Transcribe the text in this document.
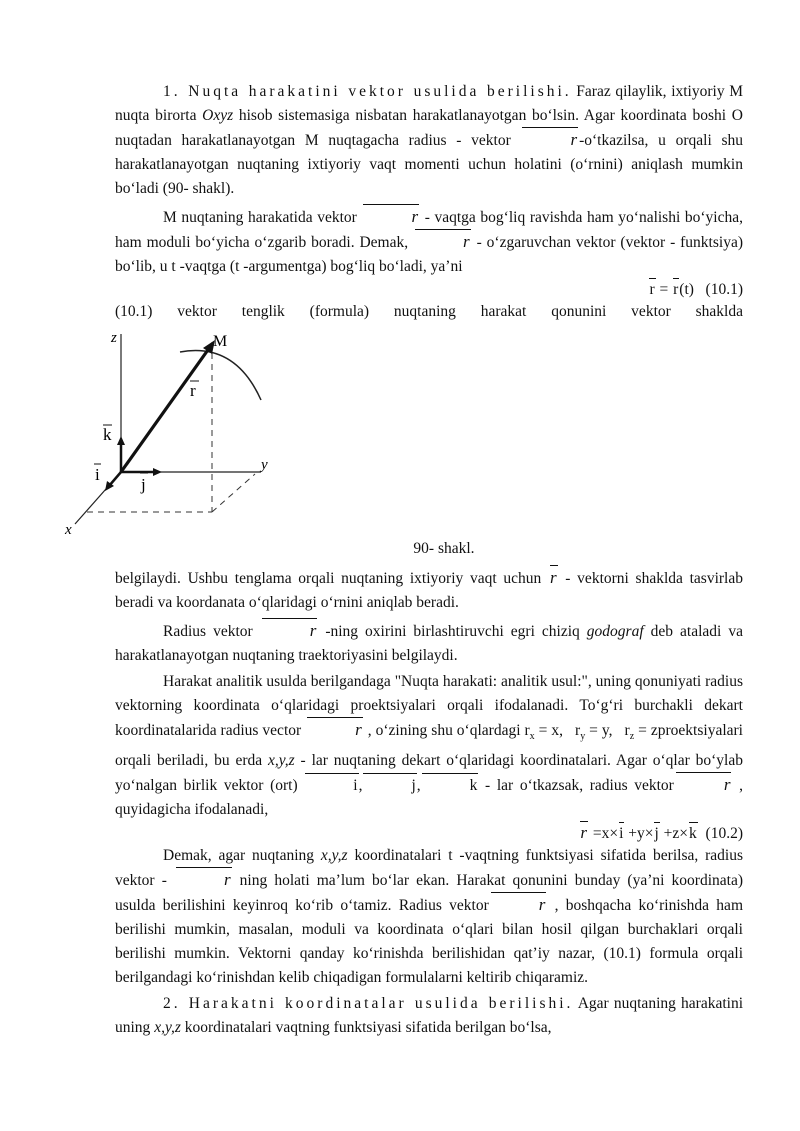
1. Nuqta harakatini vektor usulida berilishi. Faraz qilaylik, ixtiyoriy M nuqta birorta Oxyz hisob sistemasiga nisbatan harakatlanayotgan bo‘lsin. Agar koordinata boshi O nuqtadan harakatlanayotgan M nuqtagacha radius - vektor	r -o‘tkazilsa, u orqali shu harakatlanayotgan nuqtaning ixtiyoriy vaqt momenti uchun holatini (o‘rnini) aniqlash mumkin bo‘ladi (90- shakl).

M nuqtaning harakatida vektor	r - vaqtga bog‘liq ravishda ham yo‘nalishi bo‘yicha, ham moduli bo‘yicha o‘zgarib boradi. Demak,	r - o‘zgaruvchan vektor (vektor - funktsiya) bo‘lib, u t -vaqtga (t -argumentga) bog‘liq bo‘ladi, ya’ni

r = r(t) (10.1)

(10.1) vektor tenglik (formula) nuqtaning harakat qonunini vektor shaklda

z
y
x
M
r
k
i
j

90- shakl.

belgilaydi. Ushbu tenglama orqali nuqtaning ixtiyoriy vaqt uchun r - vektorni shaklda tasvirlab beradi va koordanata o‘qlaridagi o‘rnini aniqlab beradi.

Radius vektor	r -ning oxirini birlashtiruvchi egri chiziq godograf deb ataladi va harakatlanayotgan nuqtaning traektoriyasini belgilaydi.

Harakat analitik usulda berilgandaga "Nuqta harakati: analitik usul:", uning qonuniyati radius vektorning koordinata o‘qlaridagi proektsiyalari orqali ifodalanadi. To‘g‘ri burchakli dekart koordinatalarida radius vector	r , o‘zining shu o‘qlardagi $r_x = x$, $r_y = y$, $r_z$ = zproektsiyalari orqali beriladi, bu erda x,y,z - lar nuqtaning dekart o‘qlaridagi koordinatalari. Agar o‘qlar bo‘ylab yo‘nalgan birlik vektor (ort)	i,	j,	k - lar o‘tkazsak, radius vektor	r , quyidagicha ifodalanadi,

r =x×i +y×j +z×k (10.2)

Demak, agar nuqtaning x,y,z koordinatalari t -vaqtning funktsiyasi sifatida berilsa, radius vektor -	r ning holati ma’lum bo‘lar ekan. Harakat qonunini bunday (ya’ni koordinata) usulda berilishini keyinroq ko‘rib o‘tamiz. Radius vektor	r , boshqacha ko‘rinishda ham berilishi mumkin, masalan, moduli va koordinata o‘qlari bilan hosil qilgan burchaklari orqali berilishi mumkin. Vektorni qanday ko‘rinishda berilishidan qat’iy nazar, (10.1) formula orqali berilgandagi ko‘rinishdan kelib chiqadigan formulalarni keltirib chiqaramiz.

2. Harakatni koordinatalar usulida berilishi. Agar nuqtaning harakatini uning x,y,z koordinatalari vaqtning funktsiyasi sifatida berilgan bo‘lsa,
